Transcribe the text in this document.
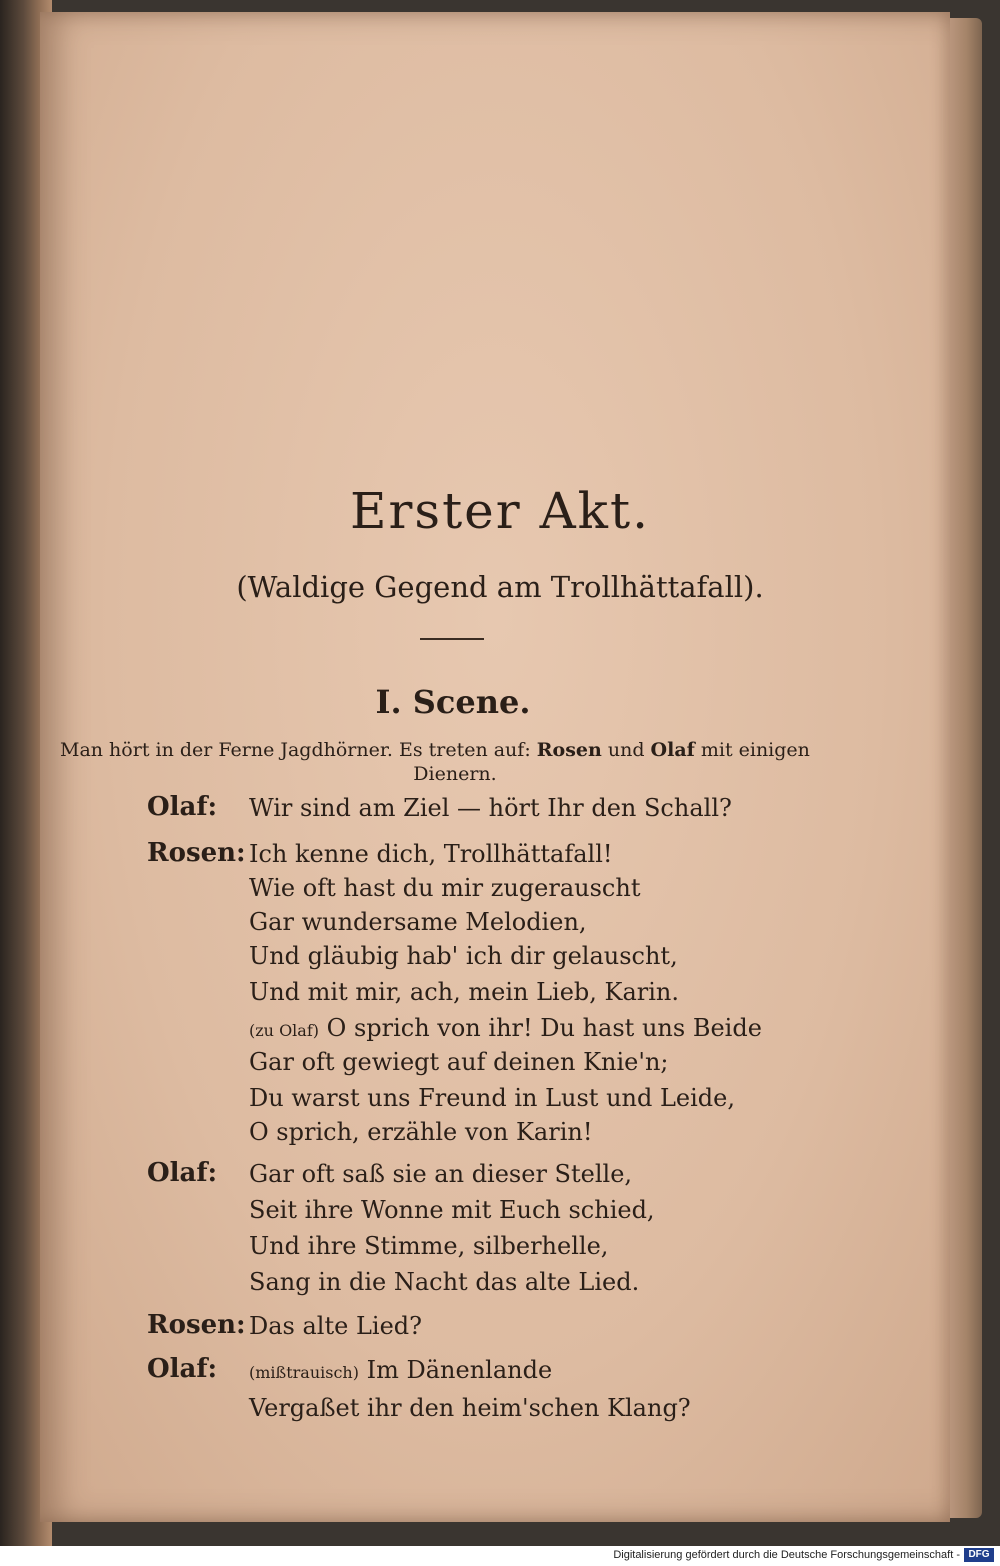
Erster Akt.
(Waldige Gegend am Trollhättafall).
I. Scene.
Man hört in der Ferne Jagdhörner. Es treten auf: Rosen und Olaf mit einigen
Dienern.
Olaf: Wir sind am Ziel — hört Ihr den Schall?
Rosen: Ich kenne dich, Trollhättafall!
Wie oft hast du mir zugerauscht
Gar wundersame Melodien,
Und gläubig hab' ich dir gelauscht,
Und mit mir, ach, mein Lieb, Karin.
(zu Olaf) O sprich von ihr! Du hast uns Beide
Gar oft gewiegt auf deinen Knie'n;
Du warst uns Freund in Lust und Leide,
O sprich, erzähle von Karin!
Olaf: Gar oft saß sie an dieser Stelle,
Seit ihre Wonne mit Euch schied,
Und ihre Stimme, silberhelle,
Sang in die Nacht das alte Lied.
Rosen: Das alte Lied?
Olaf: (mißtrauisch) Im Dänenlande
Vergaßet ihr den heim'schen Klang?
Digitalisierung gefördert durch die Deutsche Forschungsgemeinschaft - DFG
